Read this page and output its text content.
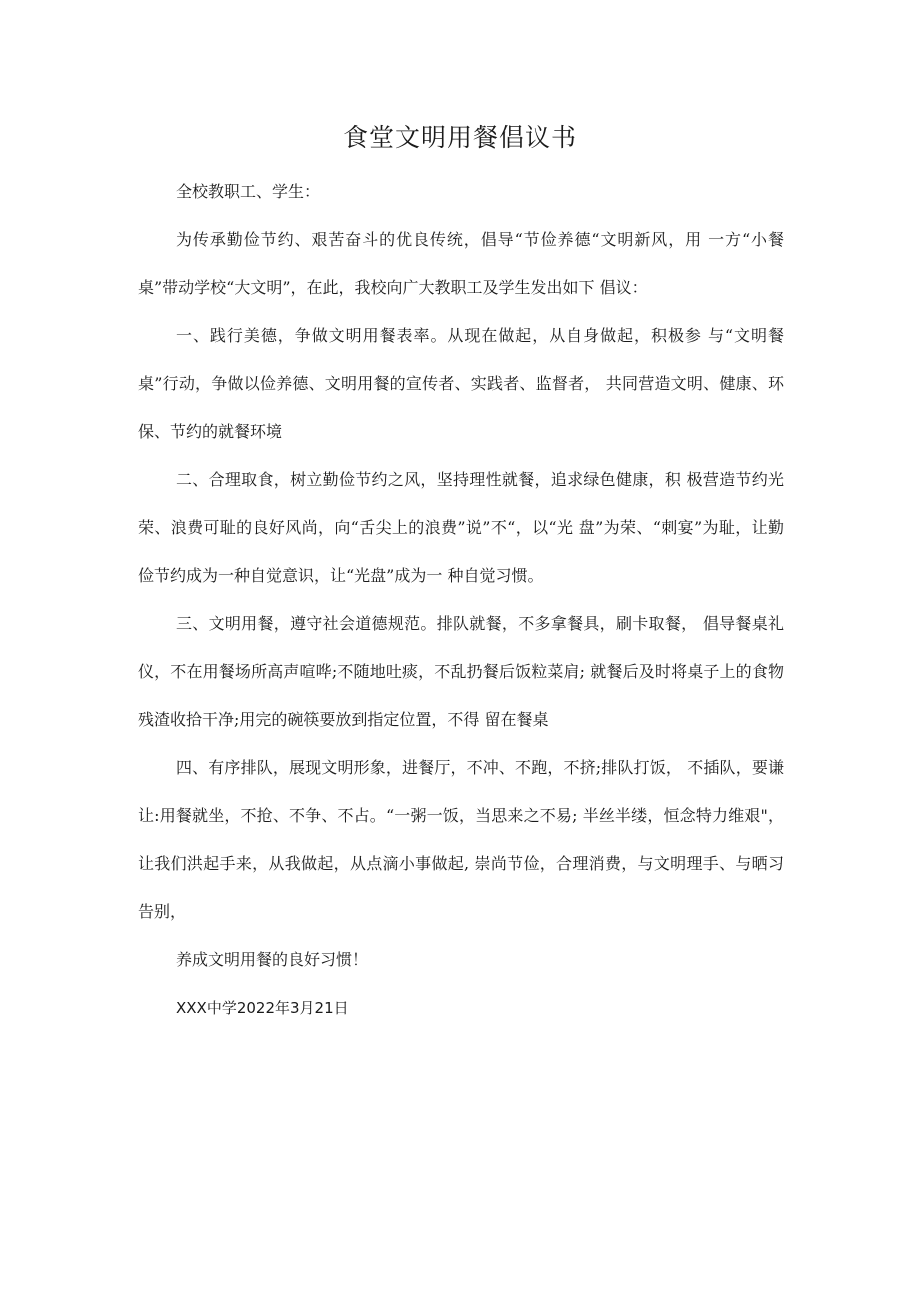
食堂文明用餐倡议书

全校教职工、学生：

为传承勤俭节约、艰苦奋斗的优良传统，倡导“节俭养德“文明新风，用 一方“小餐桌”带动学校“大文明”，在此，我校向广大教职工及学生发出如下 倡议：

一、践行美德，争做文明用餐表率。从现在做起，从自身做起，积极参 与“文明餐桌”行动，争做以俭养德、文明用餐的宣传者、实践者、监督者， 共同营造文明、健康、环保、节约的就餐环境

二、合理取食，树立勤俭节约之风，坚持理性就餐，追求绿色健康，积 极营造节约光荣、浪费可耻的良好风尚，向“舌尖上的浪费”说”不“，以“光 盘”为荣、“刺宴”为耻，让勤俭节约成为一种自觉意识，让“光盘”成为一 种自觉习惯。

三、文明用餐，遵守社会道德规范。排队就餐，不多拿餐具，刷卡取餐， 倡导餐桌礼仪，不在用餐场所高声喧哗;不随地吐痰，不乱扔餐后饭粒菜肩; 就餐后及时将桌子上的食物残渣收拾干净;用完的碗筷要放到指定位置，不得 留在餐桌

四、有序排队，展现文明形象，进餐厅，不冲、不跑，不挤;排队打饭， 不插队，要谦让:用餐就坐，不抢、不争、不占。“一粥一饭，当思来之不易; 半丝半缕，恒念特力维艰"，让我们洪起手来，从我做起，从点滴小事做起, 崇尚节俭，合理消费，与文明理手、与晒习告别，

养成文明用餐的良好习惯！

XXX中学2022年3月21日
